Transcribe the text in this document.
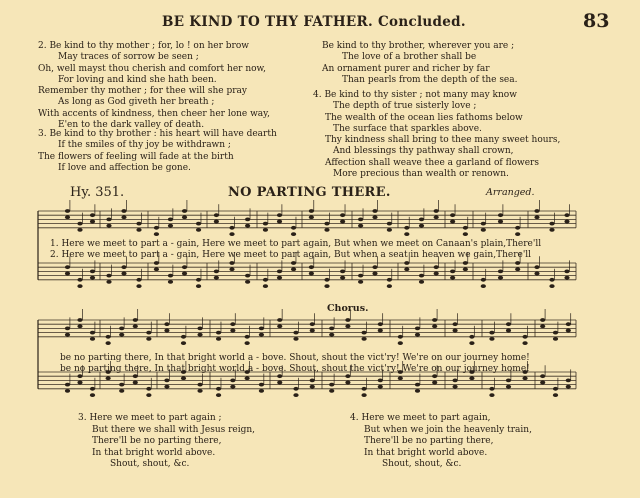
BE KIND TO THY FATHER. Concluded.	83
2. Be kind to thy mother ; for, lo ! on her brow
May traces of sorrow be seen ;
Oh, well mayst thou cherish and comfort her now,
For loving and kind she hath been.
Remember thy mother ; for thee will she pray
As long as God giveth her breath ;
With accents of kindness, then cheer her lone way,
E'en to the dark valley of death.
3. Be kind to thy brother : his heart will have dearth
If the smiles of thy joy be withdrawn ;
The flowers of feeling will fade at the birth
If love and affection be gone.
Be kind to thy brother, wherever you are ;
The love of a brother shall be
An ornament purer and richer by far
Than pearls from the depth of the sea.
4. Be kind to thy sister ; not many may know
The depth of true sisterly love ;
The wealth of the ocean lies fathoms below
The surface that sparkles above.
Thy kindness shall bring to thee many sweet hours,
And blessings thy pathway shall crown,
Affection shall weave thee a garland of flowers
More precious than wealth or renown.
Hy. 351.	NO PARTING THERE.	Arranged.
1. Here we meet to part a - gain, Here we meet to part again, But when we meet on Canaan's plain,There'll
2. Here we meet to part a - gain, Here we meet to part again, But when a seat in heaven we gain,There'll
Chorus.
be no parting there, In that bright world a - bove. Shout, shout the vict'ry! We're on our journey home!
be no parting there, In that bright world a - bove. Shout, shout the vict'ry! We're on our journey home!
3. Here we meet to part again ;
But there we shall with Jesus reign,
There'll be no parting there,
In that bright world above.
Shout, shout, &c.
4. Here we meet to part again,
But when we join the heavenly train,
There'll be no parting there,
In that bright world above.
Shout, shout, &c.
